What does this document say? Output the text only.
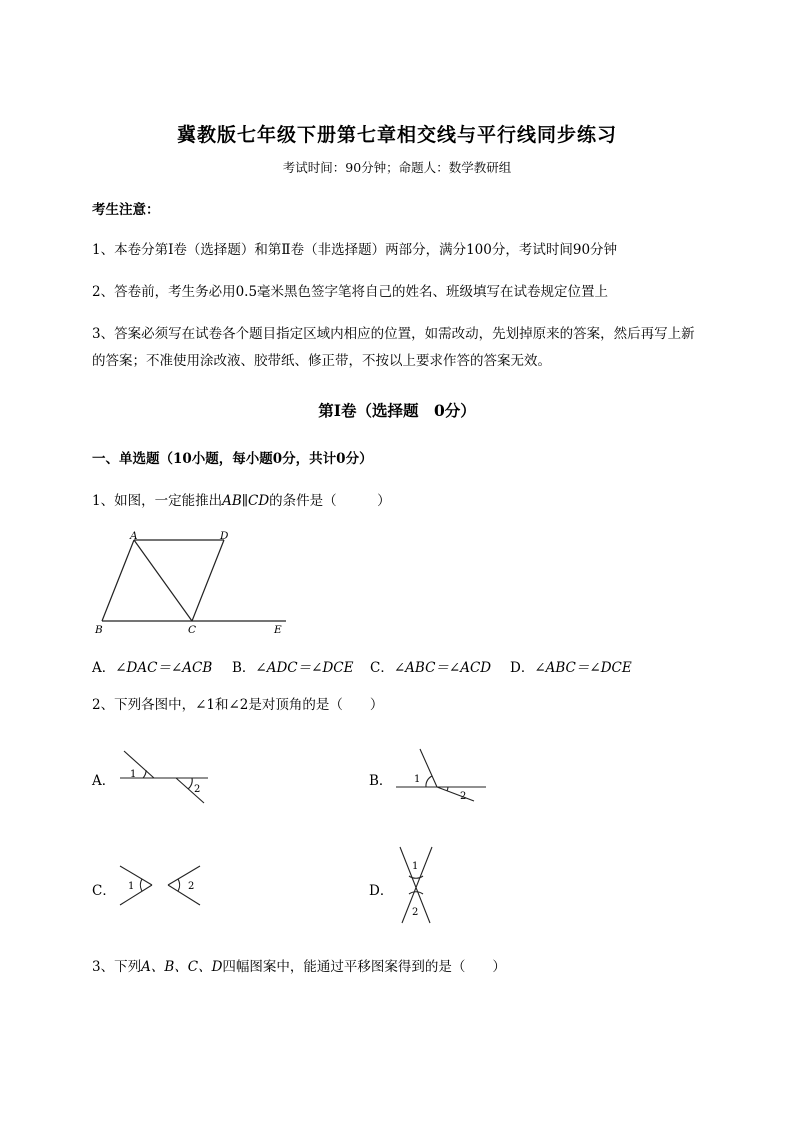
冀教版七年级下册第七章相交线与平行线同步练习
考试时间：90分钟；命题人：数学教研组
考生注意：
1、本卷分第I卷（选择题）和第Ⅱ卷（非选择题）两部分，满分100分，考试时间90分钟
2、答卷前，考生务必用0.5毫米黑色签字笔将自己的姓名、班级填写在试卷规定位置上
3、答案必须写在试卷各个题目指定区域内相应的位置，如需改动，先划掉原来的答案，然后再写上新
的答案；不准使用涂改液、胶带纸、修正带，不按以上要求作答的答案无效。
第I卷（选择题　0分）
一、单选题（10小题，每小题0分，共计0分）
1、如图，一定能推出AB∥CD的条件是（　　　）
A	D
B	C	E
A．∠DAC＝∠ACB B．∠ADC＝∠DCE C．∠ABC＝∠ACD D．∠ABC＝∠DCE
2、下列各图中，∠1和∠2是对顶角的是（　　）
A． 1
2
B． 1
2
C． 1	2	D．
1
2
3、下列A、B、C、D四幅图案中，能通过平移图案得到的是（　　）
